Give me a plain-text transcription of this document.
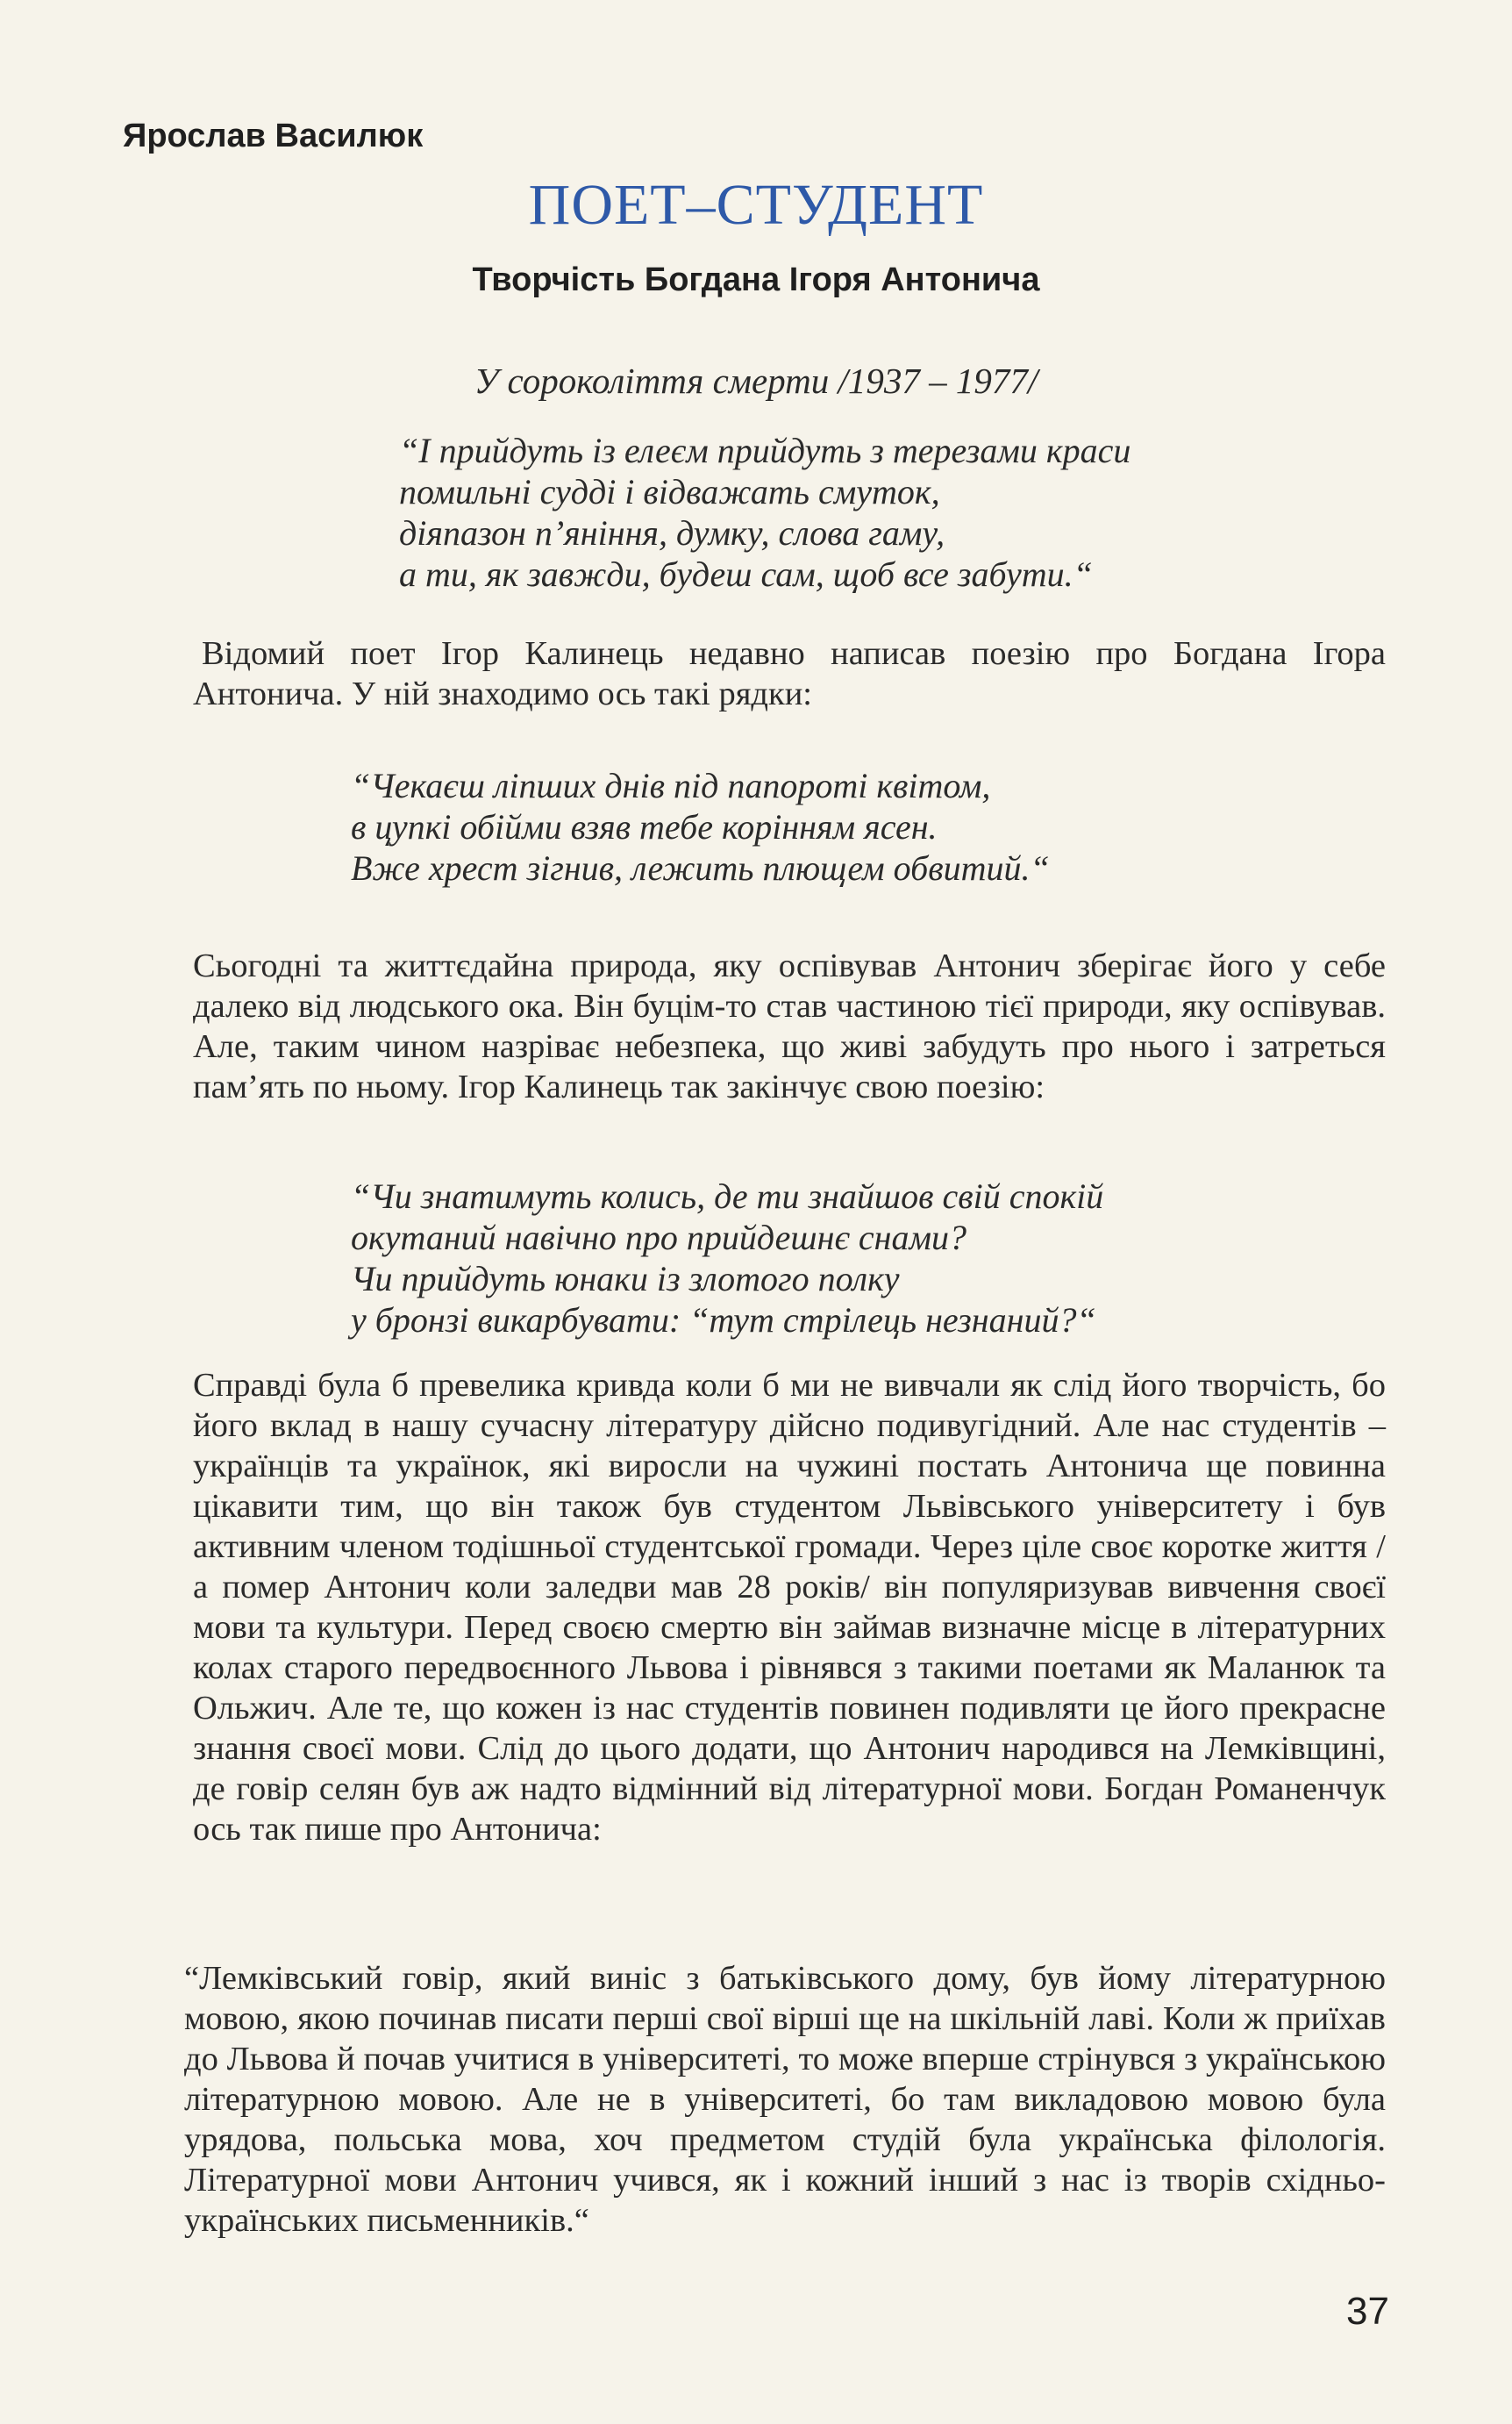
Ярослав Василюк
ПОЕТ–СТУДЕНТ
Творчість Богдана Ігоря Антонича
У сороколіття смерти /1937 – 1977/
“І прийдуть із елеєм прийдуть з терезами краси
помильні судді і відважать смуток,
діяпазон п’яніння, думку, слова гаму,
а ти, як завжди, будеш сам, щоб все забути.“
Відомий поет Ігор Калинець недавно написав поезію про Богдана Ігора Антонича. У ній знаходимо ось такі рядки:
“Чекаєш ліпших днів під папороті квітом,
в цупкі обійми взяв тебе корінням ясен.
Вже хрест зігнив, лежить плющем обвитий.“
Сьогодні та життєдайна природа, яку оспівував Антонич зберігає його у себе далеко від людського ока. Він буцім-то став частиною тієї природи, яку оспівував. Але, таким чином назріває небезпека, що живі забудуть про нього і затреться пам’ять по ньому. Ігор Калинець так закінчує свою поезію:
“Чи знатимуть колись, де ти знайшов свій спокій
окутаний навічно про прийдешнє снами?
Чи прийдуть юнаки із злотого полку
у бронзі викарбувати: “тут стрілець незнаний?“
Справді була б превелика кривда коли б ми не вивчали як слід його творчість, бо його вклад в нашу сучасну літературу дійсно подивугідний. Але нас студентів – українців та українок, які виросли на чужині постать Антонича ще повинна цікавити тим, що він також був студентом Львівського університету і був активним членом тодішньої студентської громади. Через ціле своє коротке життя /а помер Антонич коли заледви мав 28 років/ він популяризував вивчення своєї мови та культури. Перед своєю смертю він займав визначне місце в літературних колах старого передвоєнного Львова і рівнявся з такими поетами як Маланюк та Ольжич. Але те, що кожен із нас студентів повинен подивляти це його прекрасне знання своєї мови. Слід до цього додати, що Антонич народився на Лемківщині, де говір селян був аж надто відмінний від літературної мови. Богдан Романенчук ось так пише про Антонича:
“Лемківський говір, який виніс з батьківського дому, був йому літературною мовою, якою починав писати перші свої вірші ще на шкільній лаві. Коли ж приїхав до Львова й почав учитися в університеті, то може вперше стрінувся з українською літературною мовою. Але не в університеті, бо там викладовою мовою була урядова, польська мова, хоч предметом студій була українська філологія. Літературної мови Антонич учився, як і кожний інший з нас із творів східньо-українських письменників.“
37
